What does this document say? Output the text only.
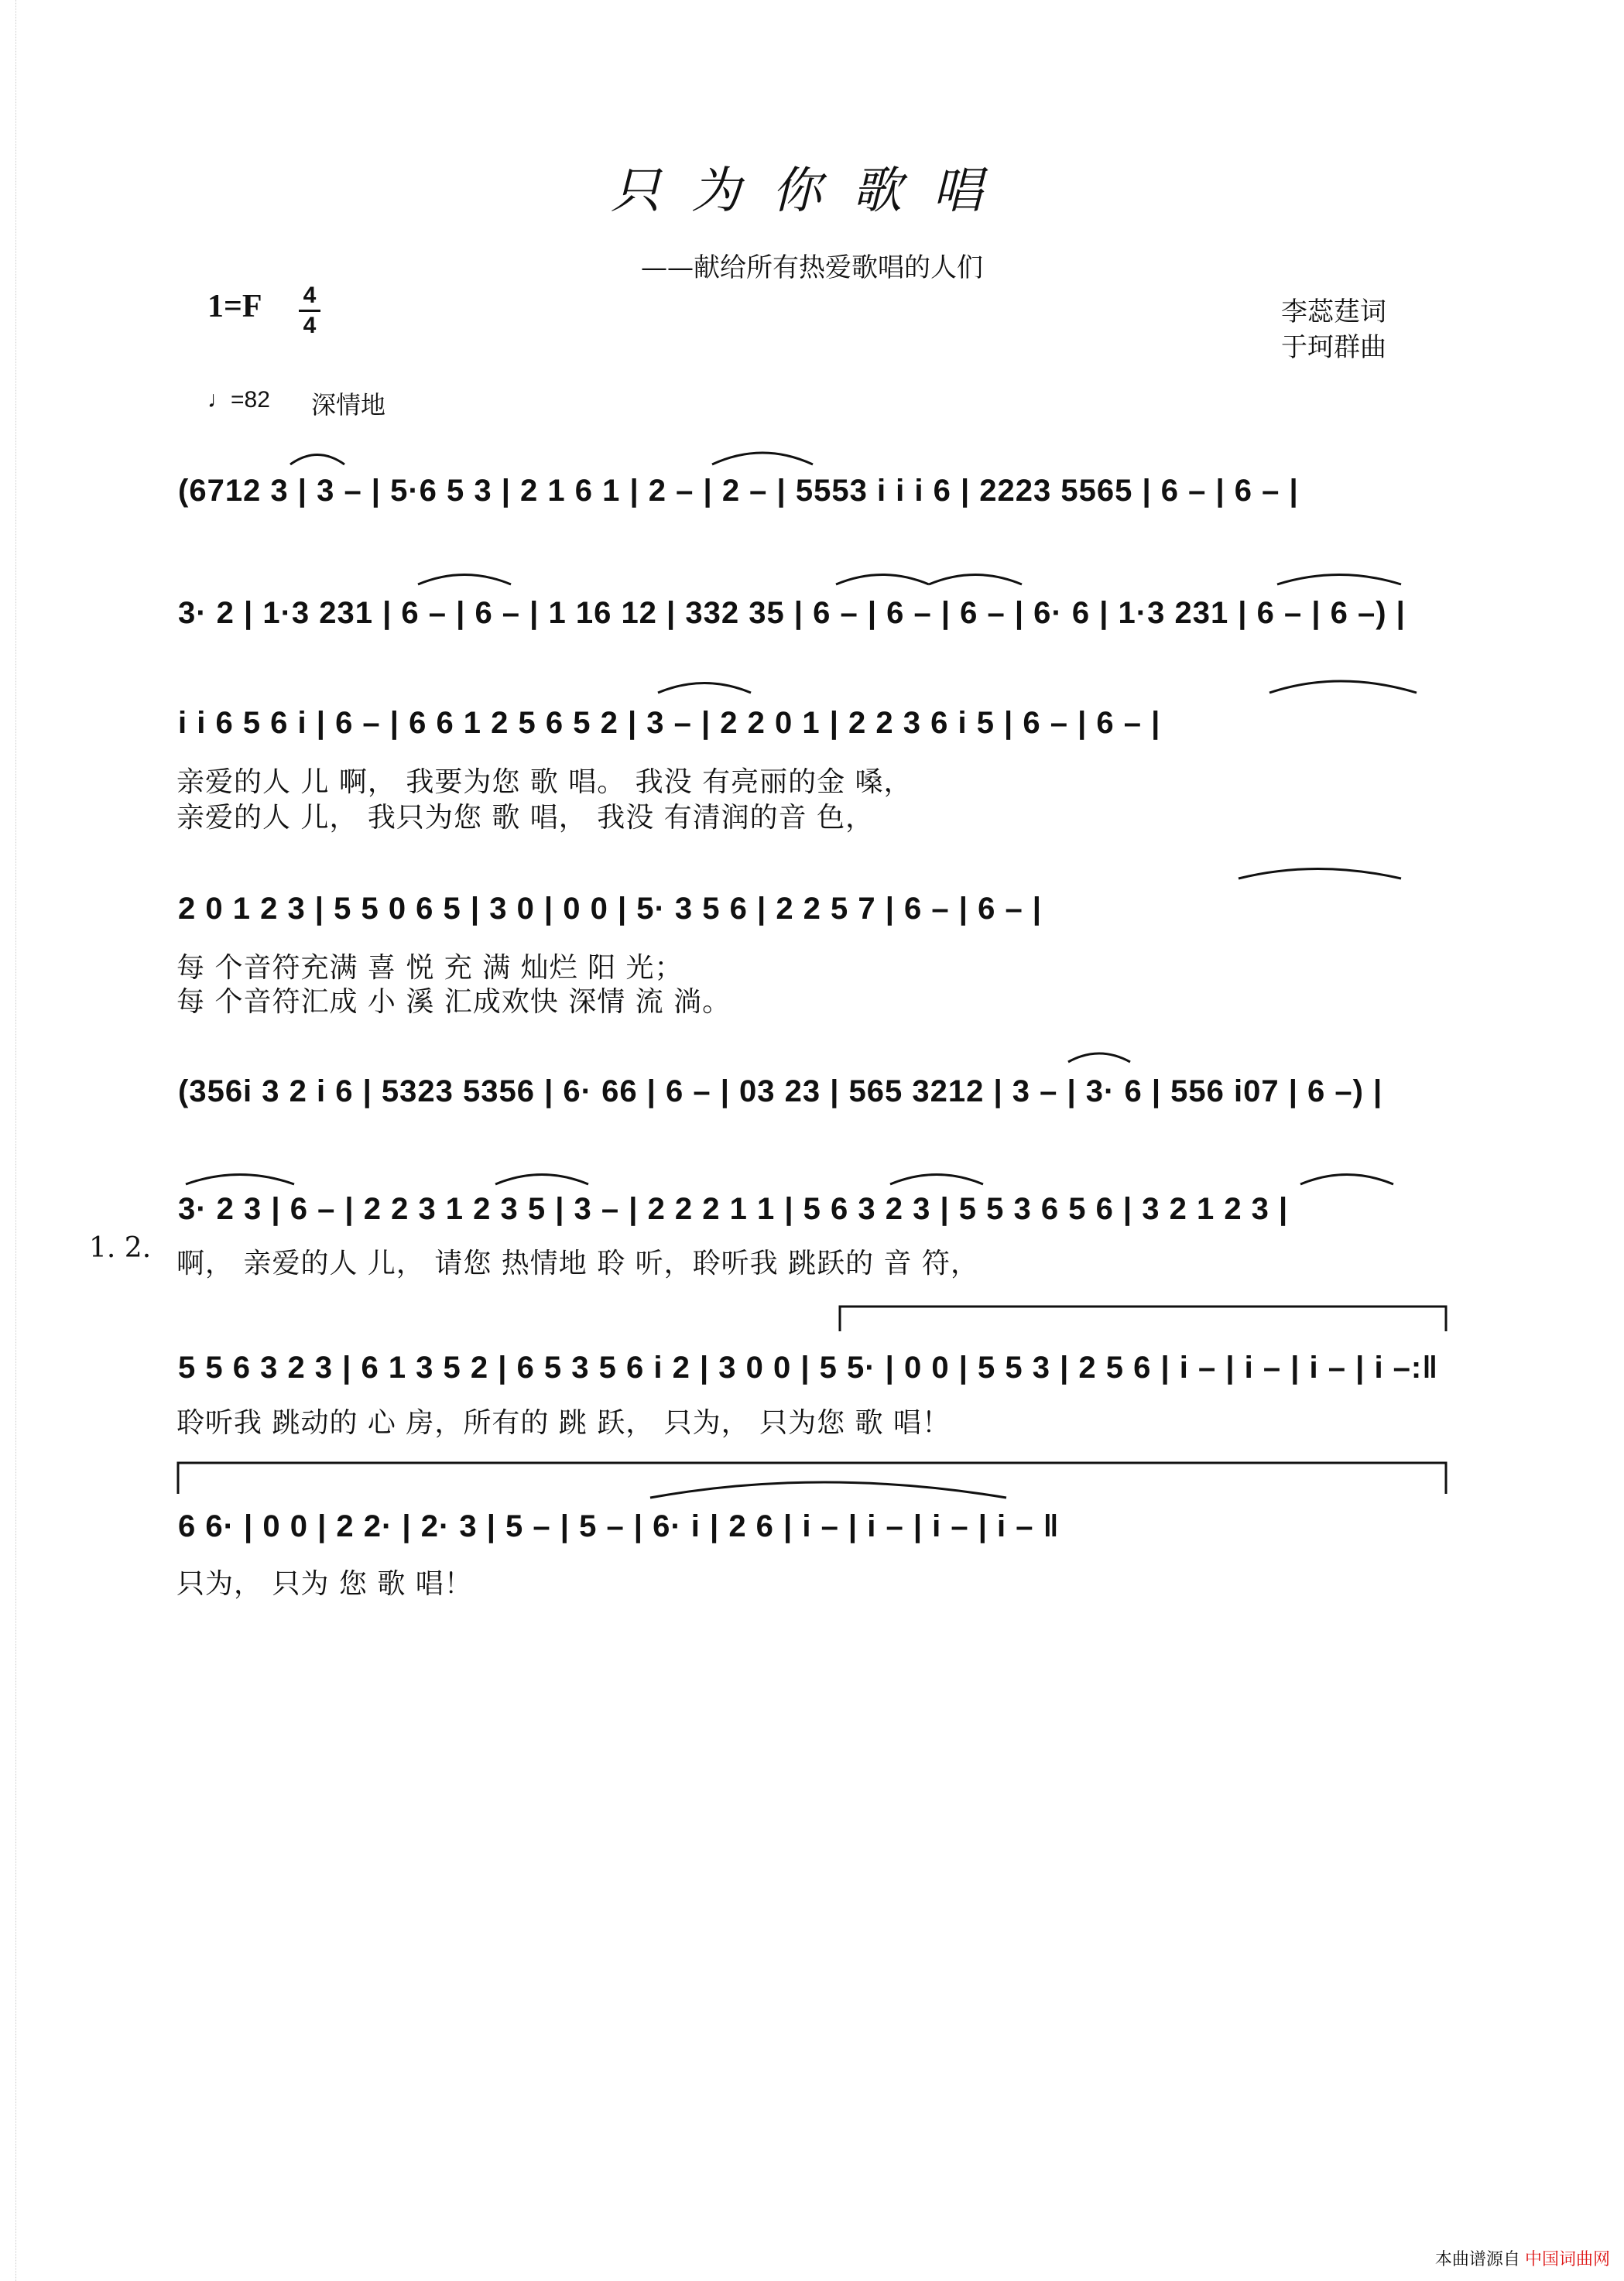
只为你歌唱
——献给所有热爱歌唱的人们
1=F	4
4	李蕊莛词
于珂群曲
♩=82 深情地
(6712 3 | 3 – | 5·6 5 3 | 2 1 6 1 | 2 – | 2 – | 5553 i i i 6 | 2223 5565 | 6 – | 6 – |
3· 2 | 1·3 231 | 6 – | 6 – | 1 16 12 | 332 35 | 6 – | 6 – | 6 – | 6· 6 | 1·3 231 | 6 – | 6 –) |
i i 6 5 6 i | 6 – | 6 6 1 2 5 6 5 2 | 3 – | 2 2 0 1 | 2 2 3 6 i 5 | 6 – | 6 – |
亲爱的人 儿 啊， 我要为您 歌 唱。 我没 有亮丽的金 嗓，
亲爱的人 儿， 我只为您 歌 唱， 我没 有清润的音 色，
2 0 1 2 3 | 5 5 0 6 5 | 3 0 | 0 0 | 5· 3 5 6 | 2 2 5 7 | 6 – | 6 – |
每 个音符充满 喜 悦 充 满 灿烂 阳 光；
每 个音符汇成 小 溪 汇成欢快 深情 流 淌。
(356i 3 2 i 6 | 5323 5356 | 6· 66 | 6 – | 03 23 | 565 3212 | 3 – | 3· 6 | 556 i07 | 6 –) |
1. 2.
3· 2 3 | 6 – | 2 2 3 1 2 3 5 | 3 – | 2 2 2 1 1 | 5 6 3 2 3 | 5 5 3 6 5 6 | 3 2 1 2 3 |
啊， 亲爱的人 儿， 请您 热情地 聆 听，聆听我 跳跃的 音 符，
5 5 6 3 2 3 | 6 1 3 5 2 | 6 5 3 5 6 i 2 | 3 0 0 | 5 5· | 0 0 | 5 5 3 | 2 5 6 | i – | i – | i – | i –:‖
聆听我 跳动的 心 房，所有的 跳 跃， 只为， 只为您 歌 唱！
6 6· | 0 0 | 2 2· | 2· 3 | 5 – | 5 – | 6· i | 2 6 | i – | i – | i – | i – ‖
只为， 只为 您 歌 唱！
本曲谱源自 中国词曲网
